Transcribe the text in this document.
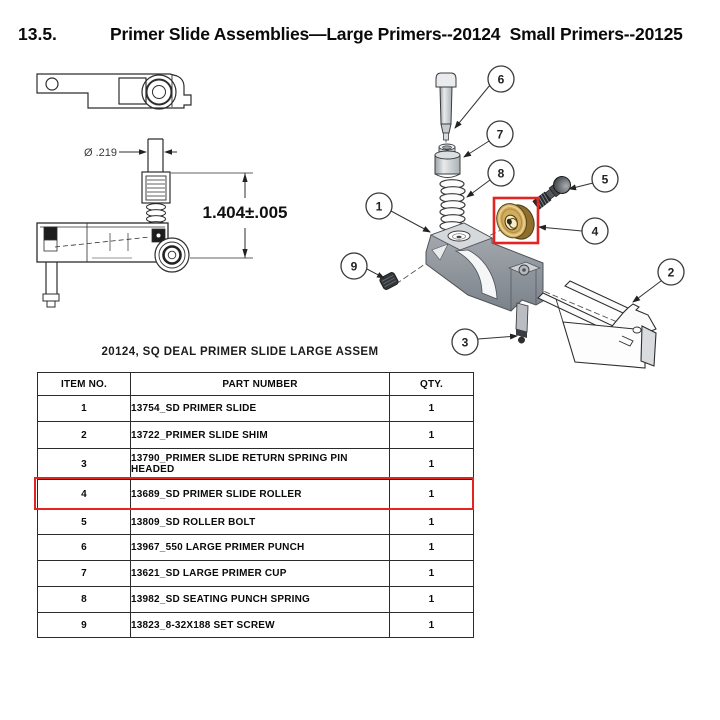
13.5.	Primer Slide Assemblies—Large Primers--20124  Small Primers--20125
Ø .219
1.404±.005	1
2
3
4
5
6
7
8
9
20124, SQ DEAL PRIMER SLIDE LARGE ASSEM
ITEM NO.	PART NUMBER	QTY.
1	13754_SD PRIMER SLIDE	1
2	13722_PRIMER SLIDE SHIM	1
3	13790_PRIMER SLIDE RETURN SPRING PIN HEADED	1
4	13689_SD PRIMER SLIDE ROLLER	1
5	13809_SD ROLLER BOLT	1
6	13967_550 LARGE PRIMER PUNCH	1
7	13621_SD LARGE PRIMER CUP	1
8	13982_SD SEATING PUNCH SPRING	1
9	13823_8-32X188 SET SCREW	1
